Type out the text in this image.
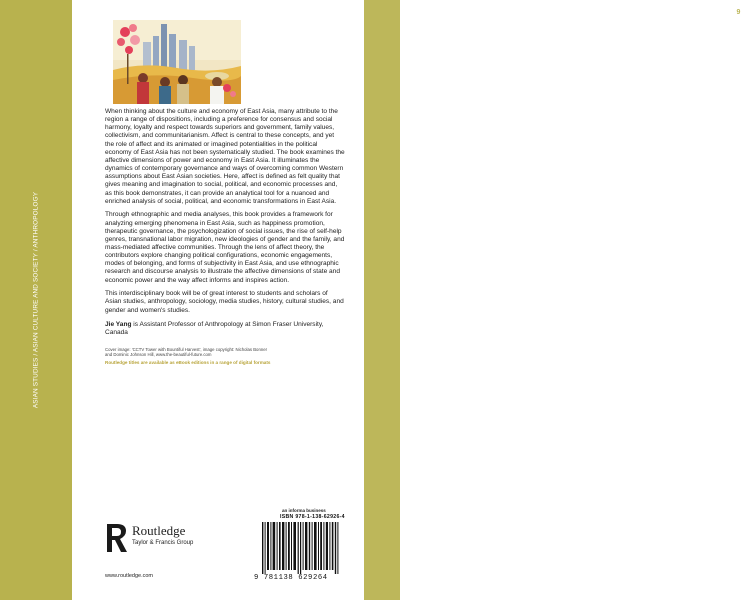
ASIAN STUDIES / ASIAN CULTURE AND SOCIETY / ANTHROPOLOGY
9
Asia's Transformations

When thinking about the culture and economy of East Asia, many attribute to the region a range of dispositions, including a preference for consensus and social harmony, loyalty and respect towards superiors and government, family values, collectivism, and communitarianism. Affect is central to these concepts, and yet the role of affect and its animated or imagined potentialities in the political economy of East Asia has not been systematically studied. The book examines the affective dimensions of power and economy in East Asia. It illuminates the dynamics of contemporary governance and ways of overcoming common Western assumptions about East Asian societies. Here, affect is defined as felt quality that gives meaning and imagination to social, political, and economic processes and, as this book demonstrates, it can provide an analytical tool for a nuanced and enriched analysis of social, political, and economic transformations in East Asia.

Through ethnographic and media analyses, this book provides a framework for analyzing emerging phenomena in East Asia, such as happiness promotion, therapeutic governance, the psychologization of social issues, the rise of self-help genres, transnational labor migration, new ideologies of gender and the family, and mass-mediated affective communities. Through the lens of affect theory, the contributors explore changing political configurations, economic engagements, modes of belonging, and forms of subjectivity in East Asia, and use ethnographic research and discourse analysis to illustrate the affective dimensions of state and economic power and the way affect informs and inspires action.

This interdisciplinary book will be of great interest to students and scholars of Asian studies, anthropology, sociology, media studies, history, cultural studies, and gender and women's studies.

Jie Yang is Assistant Professor of Anthropology at Simon Fraser University, Canada

Cover image: 'CCTV Tower with Bountiful Harvest', image copyright: Nicholas Bonner

and Dominic Johnson Hill, www.the-beautiful-future.com

Routledge titles are available as eBook editions in a range of digital formats
an informa business
Routledge
Taylor & Francis Group
www.routledge.com
ISBN 978-1-138-62926-4
9 781138 629264
